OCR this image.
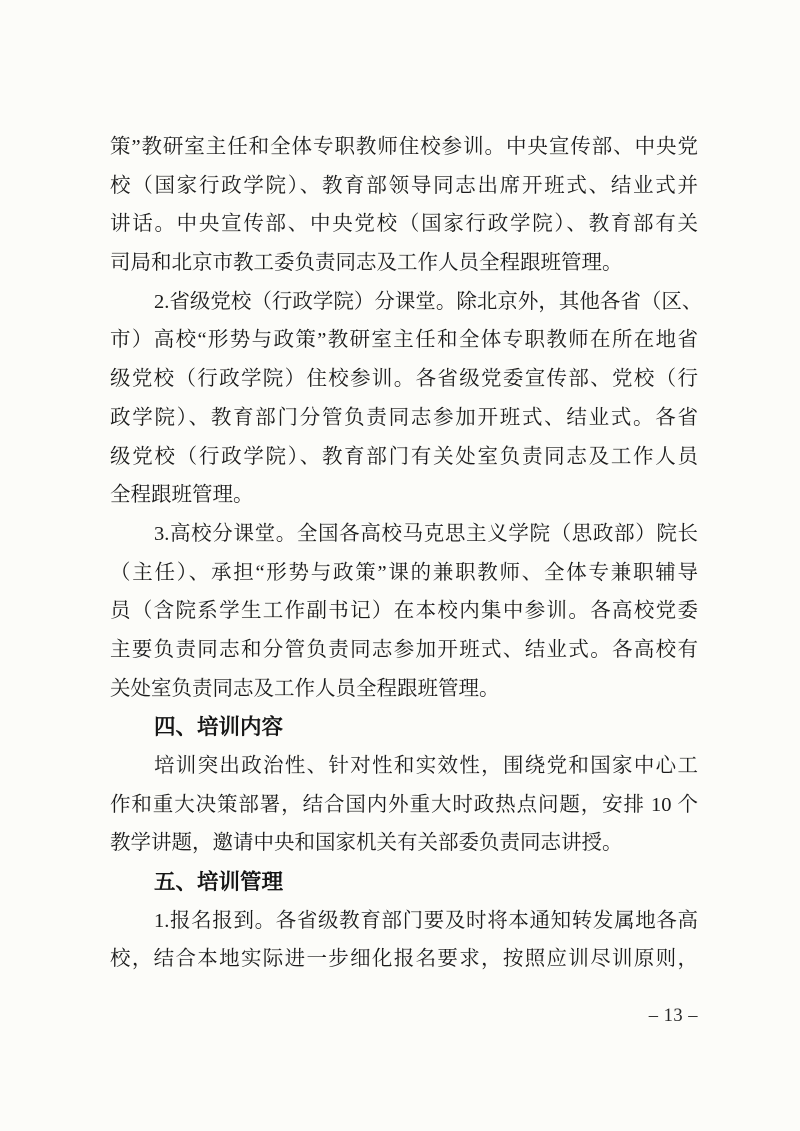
策”教研室主任和全体专职教师住校参训。中央宣传部、中央党
校（国家行政学院）、教育部领导同志出席开班式、结业式并
讲话。中央宣传部、中央党校（国家行政学院）、教育部有关
司局和北京市教工委负责同志及工作人员全程跟班管理。
2.省级党校（行政学院）分课堂。除北京外，其他各省（区、
市）高校“形势与政策”教研室主任和全体专职教师在所在地省
级党校（行政学院）住校参训。各省级党委宣传部、党校（行
政学院）、教育部门分管负责同志参加开班式、结业式。各省
级党校（行政学院）、教育部门有关处室负责同志及工作人员
全程跟班管理。
3.高校分课堂。全国各高校马克思主义学院（思政部）院长
（主任）、承担“形势与政策”课的兼职教师、全体专兼职辅导
员（含院系学生工作副书记）在本校内集中参训。各高校党委
主要负责同志和分管负责同志参加开班式、结业式。各高校有
关处室负责同志及工作人员全程跟班管理。
四、培训内容
培训突出政治性、针对性和实效性，围绕党和国家中心工
作和重大决策部署，结合国内外重大时政热点问题，安排 10 个
教学讲题，邀请中央和国家机关有关部委负责同志讲授。
五、培训管理
1.报名报到。各省级教育部门要及时将本通知转发属地各高
校，结合本地实际进一步细化报名要求，按照应训尽训原则，
– 13 –
